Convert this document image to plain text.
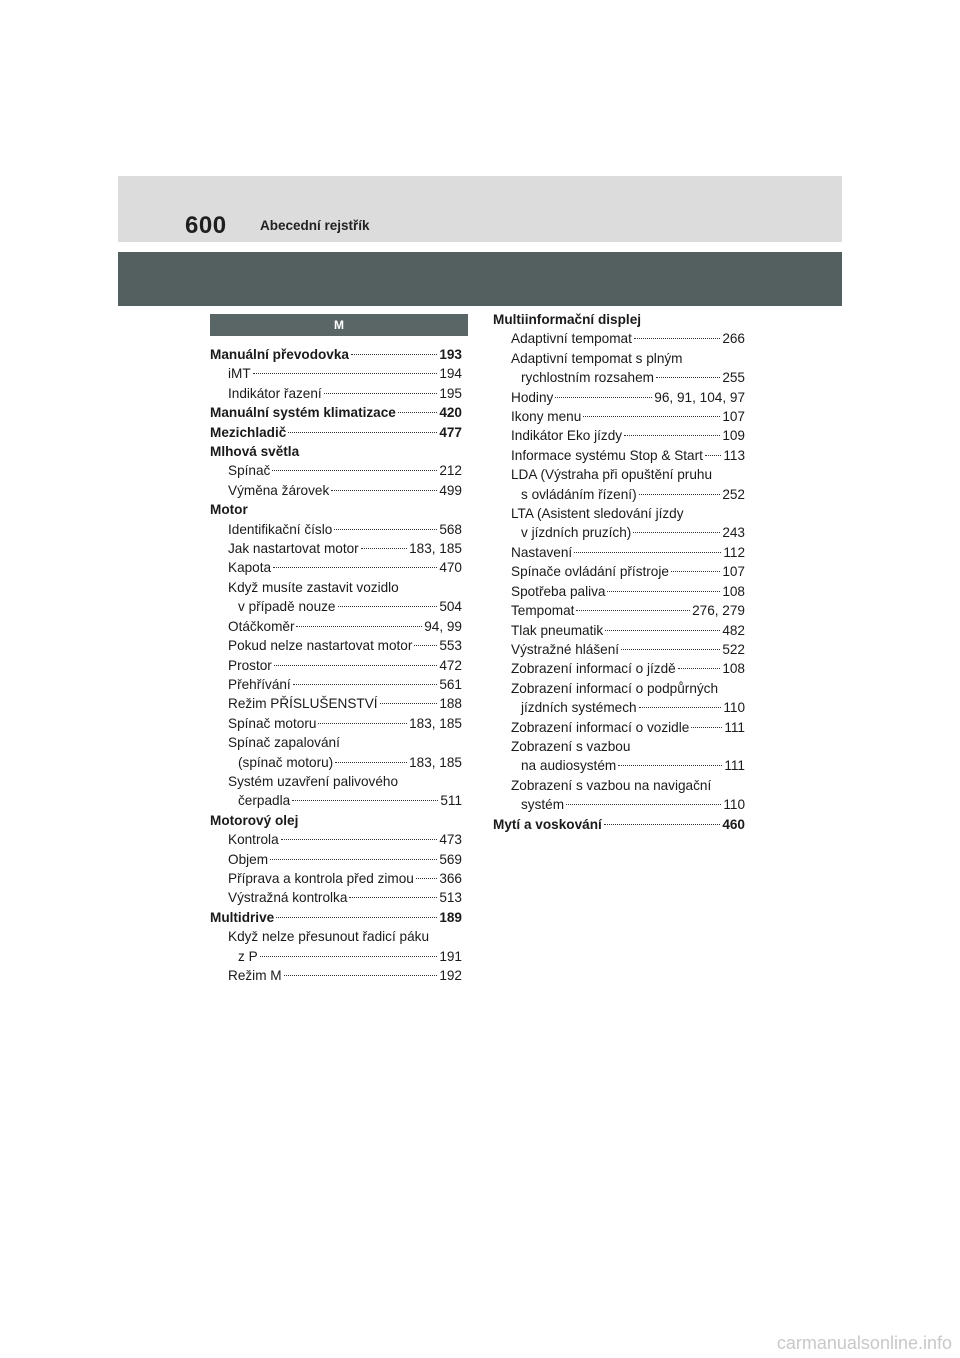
600 Abecední rejstřík
M
Manuální převodovka	193
iMT	194
Indikátor řazení	195
Manuální systém klimatizace	420
Mezichladič	477
Mlhová světla
Spínač	212
Výměna žárovek	499
Motor
Identifikační číslo	568
Jak nastartovat motor	183, 185
Kapota	470
Když musíte zastavit vozidlo
v případě nouze	504
Otáčkoměr	94, 99
Pokud nelze nastartovat motor 553
Prostor	472
Přehřívání	561
Režim PŘÍSLUŠENSTVÍ	188
Spínač motoru	183, 185
Spínač zapalování
(spínač motoru)	183, 185
Systém uzavření palivového
čerpadla	511
Motorový olej
Kontrola	473
Objem	569
Příprava a kontrola před zimou 366
Výstražná kontrolka	513
Multidrive	189
Když nelze přesunout řadicí páku
z P	191
Režim M	192
Multiinformační displej
Adaptivní tempomat	266
Adaptivní tempomat s plným
rychlostním rozsahem	255
Hodiny	96, 91, 104, 97
Ikony menu	107
Indikátor Eko jízdy	109
Informace systému Stop & Start 113
LDA (Výstraha při opuštění pruhu
s ovládáním řízení)	252
LTA (Asistent sledování jízdy
v jízdních pruzích)	243
Nastavení	112
Spínače ovládání přístroje	107
Spotřeba paliva	108
Tempomat	276, 279
Tlak pneumatik	482
Výstražné hlášení	522
Zobrazení informací o jízdě	108
Zobrazení informací o podpůrných
jízdních systémech	110
Zobrazení informací o vozidle	111
Zobrazení s vazbou
na audiosystém	111
Zobrazení s vazbou na navigační
systém	110
Mytí a voskování	460
carmanualsonline.info
